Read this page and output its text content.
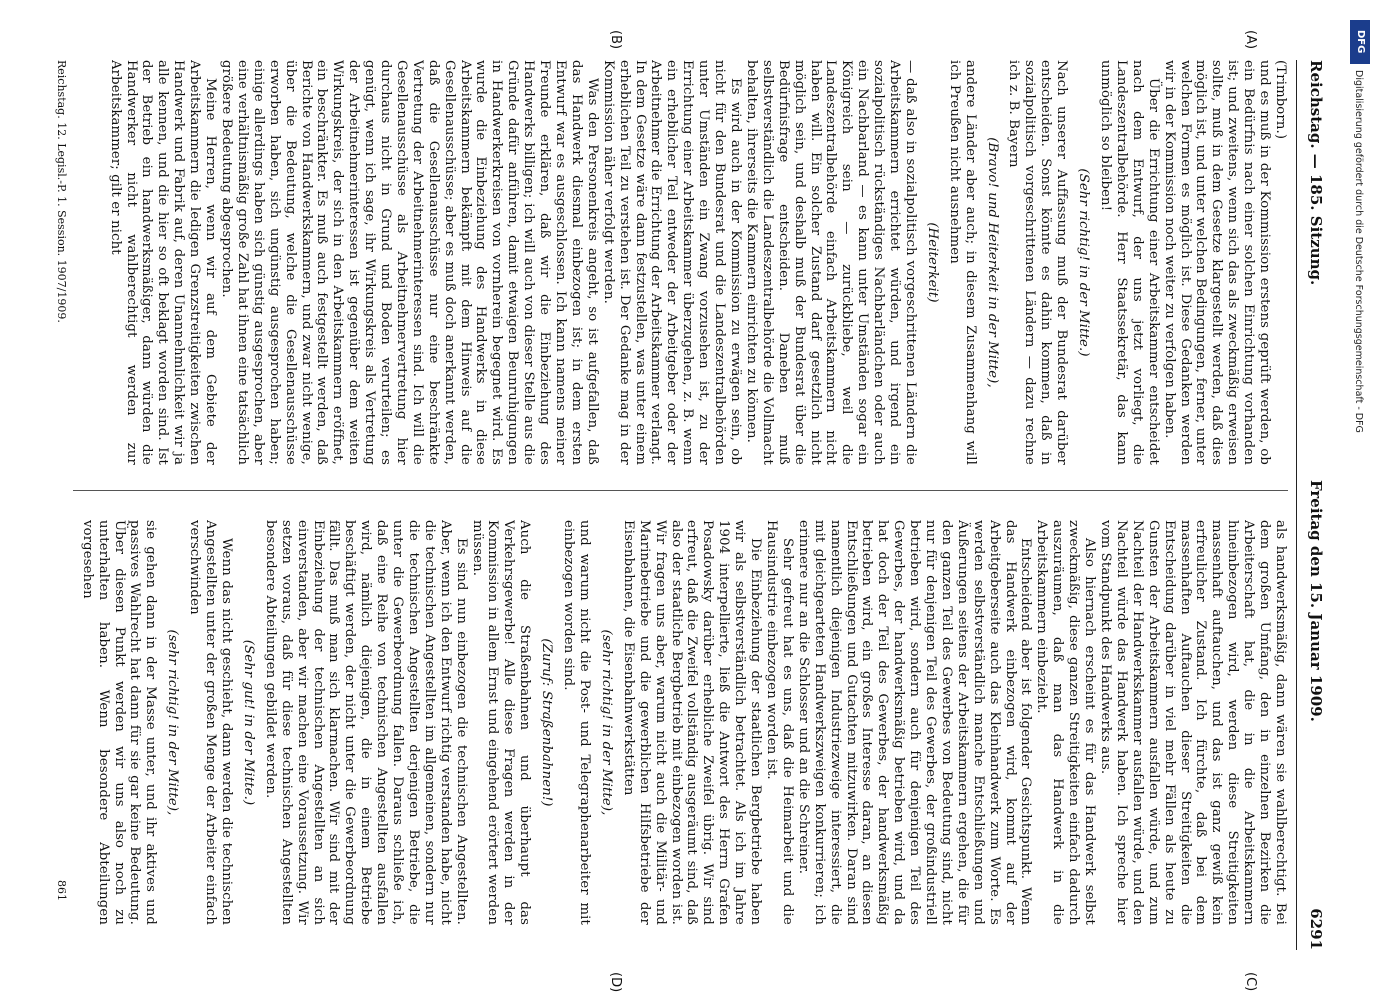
Reichstag. — 185. Sitzung.
Freitag den 15. Januar 1909.
6291
(A)
(B)
(C)
(D)

(Trimborn.)

und es muß in der Kommission erstens geprüft werden, ob ein Bedürfnis nach einer solchen Einrichtung vorhanden ist; und zweitens, wenn sich das als zweckmäßig erweisen sollte, muß in dem Gesetze klargestellt werden, daß dies möglich ist, und unter welchen Bedingungen, ferner, unter welchen Formen es möglich ist. Diese Gedanken werden wir in der Kommission noch weiter zu verfolgen haben.

Über die Errichtung einer Arbeitskammer entscheidet nach dem Entwurf, der uns jetzt vorliegt, die Landeszentralbehörde. Herr Staatssekretär, das kann unmöglich so bleiben!

(Sehr richtig! in der Mitte.)

Nach unserer Auffassung muß der Bundesrat darüber entscheiden. Sonst könnte es dahin kommen, daß in sozialpolitisch vorgeschrittenen Ländern — dazu rechne ich z. B. Bayern

(Bravo! und Heiterkeit in der Mitte),

andere Länder aber auch; in diesem Zusammenhang will ich Preußen nicht ausnehmen

(Heiterkeit)

— daß also in sozialpolitisch vorgeschrittenen Ländern die Arbeitskammern errichtet würden, und irgend ein sozialpolitisch rückständiges Nachbarländchen oder auch ein Nachbarland — es kann unter Umständen sogar ein Königreich sein — zurückbliebe, weil die Landeszentralbehörde einfach Arbeitskammern nicht haben will. Ein solcher Zustand darf gesetzlich nicht möglich sein, und deshalb muß der Bundesrat über die Bedürfnisfrage entscheiden. Daneben muß selbstverständlich die Landeszentralbehörde die Vollmacht behalten, ihrerseits die Kammern einrichten zu können.

Es wird auch in der Kommission zu erwägen sein, ob nicht für den Bundesrat und die Landeszentralbehörden unter Umständen ein Zwang vorzusehen ist, zu der Errichtung einer Arbeitskammer überzugehen, z. B. wenn ein erheblicher Teil entweder der Arbeitgeber oder der Arbeitnehmer die Errichtung der Arbeitskammer verlangt. In dem Gesetze wäre dann festzustellen, was unter einem erheblichen Teil zu verstehen ist. Der Gedanke mag in der Kommission näher verfolgt werden.

Was den Personenkreis angeht, so ist aufgefallen, daß das Handwerk diesmal einbezogen ist; in dem ersten Entwurf war es ausgeschlossen. Ich kann namens meiner Freunde erklären, daß wir die Einbeziehung des Handwerks billigen; ich will auch von dieser Stelle aus die Gründe dafür anführen, damit etwaigen Beunruhigungen in Handwerkerkreisen von vornherein begegnet wird. Es wurde die Einbeziehung des Handwerks in diese Arbeitskammern bekämpft mit dem Hinweis auf die Gesellenausschüsse; aber es muß doch anerkannt werden, daß die Gesellenausschüsse nur eine beschränkte Vertretung der Arbeitnehmerinteressen sind. Ich will die Gesellenausschüsse als Arbeitnehmervertretung hier durchaus nicht in Grund und Boden verurteilen; es genügt, wenn ich sage, ihr Wirkungskreis als Vertretung der Arbeitnehmerinteressen ist gegenüber dem weiten Wirkungskreis, der sich in den Arbeitskammern eröffnet, ein beschränkter. Es muß auch festgestellt werden, daß Berichte von Handwerkskammern, und zwar nicht wenige, über die Bedeutung, welche die Gesellenausschüsse erworben haben, sich ungünstig ausgesprochen haben; einige allerdings haben sich günstig ausgesprochen, aber eine verhältnismäßig große Zahl hat ihnen eine tatsächlich größere Bedeutung abgesprochen.

Meine Herren, wenn wir auf dem Gebiete der Arbeitskammern die ledigen Grenzstreitigkeiten zwischen Handwerk und Fabrik auf, deren Unannehmlichkeit wir ja alle kennen, und die hier so oft beklagt worden sind. Ist der Betrieb ein handwerksmäßiger, dann würden die Handwerker nicht wahlberechtigt werden zur Arbeitskammer; gilt er nicht

als handwerksmäßig, dann wären sie wahlberechtigt. Bei dem großen Umfang, den in einzelnen Bezirken die Arbeiterschaft hat, die in die Arbeitskammern hineinbezogen wird, werden diese Streitigkeiten massenhaft auftauchen, und das ist ganz gewiß kein erfreulicher Zustand. Ich fürchte, daß bei dem massenhaften Auftauchen dieser Streitigkeiten die Entscheidung darüber in viel mehr Fällen als heute zu Gunsten der Arbeitskammern ausfallen würde, und zum Nachteil der Handwerkskammer ausfallen würde, und den Nachteil würde das Handwerk haben. Ich spreche hier vom Standpunkt des Handwerks aus.

Also hiernach erscheint es für das Handwerk selbst zweckmäßig, diese ganzen Streitigkeiten einfach dadurch auszuräumen, daß man das Handwerk in die Arbeitskammern einbezieht.

Entscheidend aber ist folgender Gesichtspunkt. Wenn das Handwerk einbezogen wird, kommt auf der Arbeitgeberseite auch das Kleinhandwerk zum Worte. Es werden selbstverständlich manche Entschließungen und Äußerungen seitens der Arbeitskammern ergehen, die für den ganzen Teil des Gewerbes von Bedeutung sind, nicht nur für denjenigen Teil des Gewerbes, der großindustriell betrieben wird, sondern auch für denjenigen Teil des Gewerbes, der handwerksmäßig betrieben wird, und da hat doch der Teil des Gewerbes, der handwerksmäßig betrieben wird, ein großes Interesse daran, an diesen Entschließungen und Gutachten mitzuwirken. Daran sind namentlich diejenigen Industriezweige interessiert, die mit gleichgearteten Handwerkszweigen konkurrieren; ich erinnere nur an die Schlosser und an die Schreiner.

Sehr gefreut hat es uns, daß die Heimarbeit und die Hausindustrie einbezogen worden ist.

Die Einbeziehung der staatlichen Bergbetriebe haben wir als selbstverständlich betrachtet. Als ich im Jahre 1904 interpellierte, ließ die Antwort des Herrn Grafen Posadowsky darüber erhebliche Zweifel übrig. Wir sind erfreut, daß die Zweifel vollständig ausgeräumt sind, daß also der staatliche Bergbetrieb mit einbezogen worden ist. Wir fragen uns aber, warum nicht auch die Militär- und Marinebetriebe und die gewerblichen Hilfsbetriebe der Eisenbahnen, die Eisenbahnwerkstätten

(sehr richtig! in der Mitte),

und warum nicht die Post- und Telegraphenarbeiter mit einbezogen worden sind.

(Zuruf: Straßenbahnen!)

Auch die Straßenbahnen und überhaupt das Verkehrsgewerbe! Alle diese Fragen werden in der Kommission in allem Ernst und eingehend erörtert werden müssen.

Es sind nun einbezogen die technischen Angestellten. Aber, wenn ich den Entwurf richtig verstanden habe, nicht die technischen Angestellten im allgemeinen, sondern nur die technischen Angestellten derjenigen Betriebe, die unter die Gewerbeordnung fallen. Daraus schließe ich, daß eine Reihe von technischen Angestellten ausfallen wird, nämlich diejenigen, die in einem Betriebe beschäftigt werden, der nicht unter die Gewerbeordnung fällt. Das muß man sich klarmachen. Wir sind mit der Einbeziehung der technischen Angestellten an sich einverstanden, aber wir machen eine Voraussetzung. Wir setzen voraus, daß für diese technischen Angestellten besondere Abteilungen gebildet werden.

(Sehr gut! in der Mitte.)

Wenn das nicht geschieht, dann werden die technischen Angestellten unter der großen Menge der Arbeiter einfach verschwinden

(sehr richtig! in der Mitte),

sie gehen dann in der Masse unter, und ihr aktives und passives Wahlrecht hat dann für sie gar keine Bedeutung. Über diesen Punkt werden wir uns also noch zu unterhalten haben. Wenn besondere Abteilungen vorgesehen

Reichstag. 12. Legisl.-P. 1. Session. 1907/1909.
861
DFG
Digitalisierung gefördert durch die Deutsche Forschungsgemeinschaft - DFG
